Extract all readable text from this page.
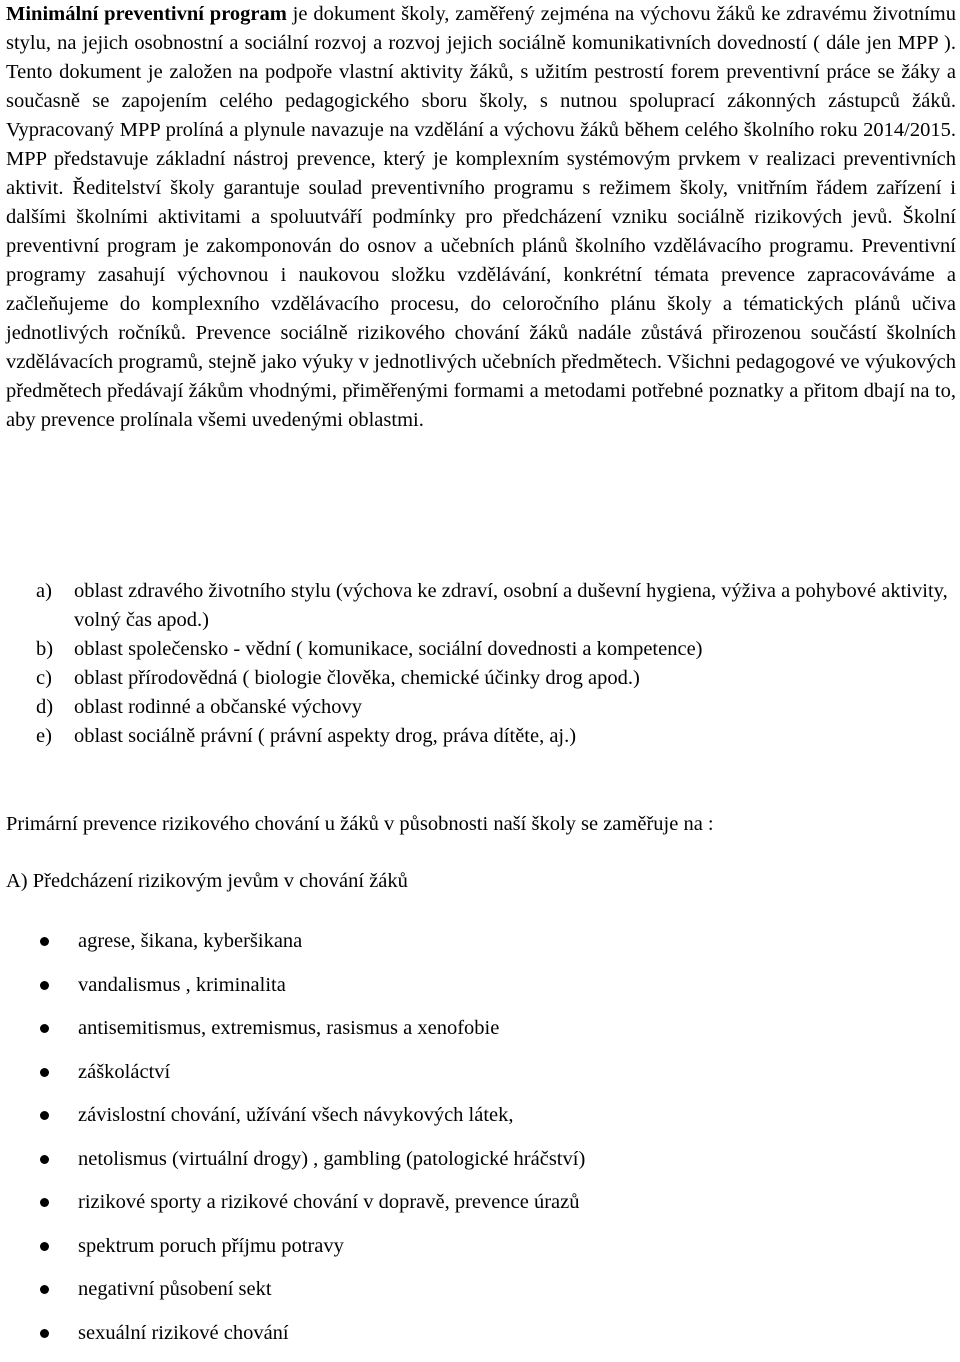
Minimální preventivní program je dokument školy, zaměřený zejména na výchovu žáků ke zdravému životnímu stylu, na jejich osobnostní a sociální rozvoj a rozvoj jejich sociálně komunikativních dovedností ( dále jen MPP ). Tento dokument je založen na podpoře vlastní aktivity žáků, s užitím pestrostí forem preventivní práce se žáky a současně se zapojením celého pedagogického sboru školy, s nutnou spoluprací zákonných zástupců žáků. Vypracovaný MPP prolíná a plynule navazuje na vzdělání a výchovu žáků během celého školního roku 2014/2015. MPP představuje základní nástroj prevence, který je komplexním systémovým prvkem v realizaci preventivních aktivit. Ředitelství školy garantuje soulad preventivního programu s režimem školy, vnitřním řádem zařízení i dalšími školními aktivitami a spoluutváří podmínky pro předcházení vzniku sociálně rizikových jevů. Školní preventivní program je zakomponován do osnov a učebních plánů školního vzdělávacího programu. Preventivní programy zasahují výchovnou i naukovou složku vzdělávání, konkrétní témata prevence zapracováváme a začleňujeme do komplexního vzdělávacího procesu, do celoročního plánu školy a tématických plánů učiva jednotlivých ročníků. Prevence sociálně rizikového chování žáků nadále zůstává přirozenou součástí školních vzdělávacích programů, stejně jako výuky v jednotlivých učebních předmětech. Všichni pedagogové ve výukových předmětech předávají žákům vhodnými, přiměřenými formami a metodami potřebné poznatky a přitom dbají na to, aby prevence prolínala všemi uvedenými oblastmi.

a) oblast zdravého životního stylu (výchova ke zdraví, osobní a duševní hygiena, výživa a pohybové aktivity, volný čas apod.)
b) oblast společensko - vědní ( komunikace, sociální dovednosti a kompetence)
c) oblast přírodovědná ( biologie člověka, chemické účinky drog apod.)
d) oblast rodinné a občanské výchovy
e) oblast sociálně právní ( právní aspekty drog, práva dítěte, aj.)
Primární prevence rizikového chování u žáků v působnosti naší školy se zaměřuje na :
A) Předcházení rizikovým jevům v chování žáků
agrese, šikana, kyberšikana
vandalismus , kriminalita
antisemitismus, extremismus, rasismus a xenofobie
záškoláctví
závislostní chování, užívání všech návykových látek,
netolismus (virtuální drogy) , gambling (patologické hráčství)
rizikové sporty a rizikové chování v dopravě, prevence úrazů
spektrum poruch příjmu potravy
negativní působení sekt
sexuální rizikové chování
